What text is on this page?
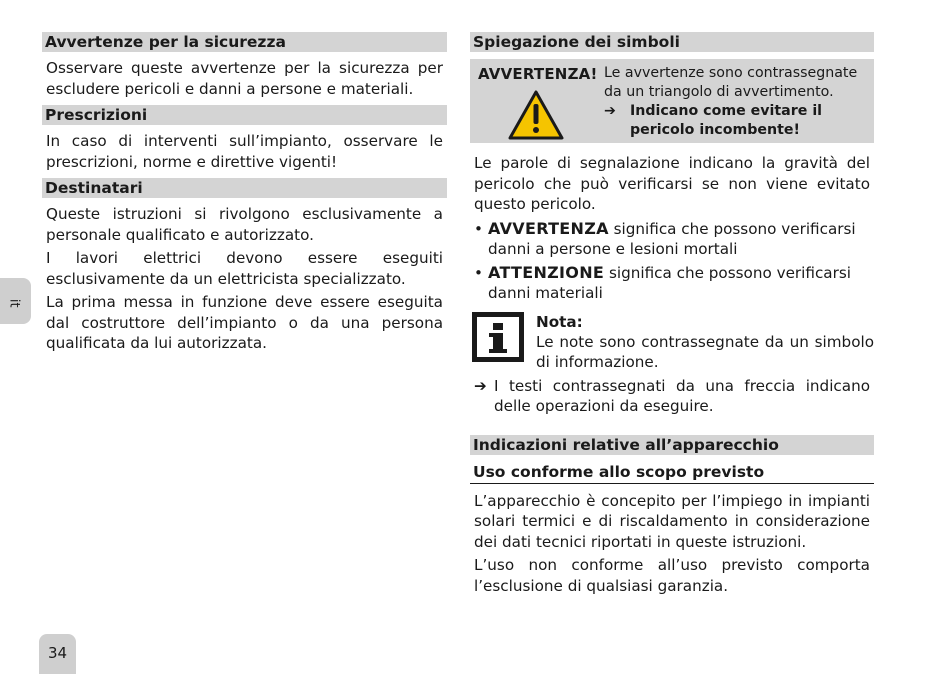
it
Avvertenze per la sicurezza

Osservare queste avvertenze per la sicurezza per escludere pericoli e danni a persone e materiali.

Prescrizioni

In caso di interventi sull’impianto, osservare le prescrizioni, norme e direttive vigenti!

Destinatari

Queste istruzioni si rivolgono esclusivamente a personale qualificato e autorizzato.

I lavori elettrici devono essere eseguiti esclusivamente da un elettricista specializzato.

La prima messa in funzione deve essere eseguita dal costruttore dell’impianto o da una persona qualificata da lui autorizzata.

Spiegazione dei simboli
AVVERTENZA! Le avvertenze sono contrassegnate da un triangolo di avvertimento.
➔ Indicano come evitare il pericolo incombente!

Le parole di segnalazione indicano la gravità del pericolo che può verificarsi se non viene evitato questo pericolo.

• AVVERTENZA significa che possono verificarsi danni a persone e lesioni mortali
• ATTENZIONE significa che possono verificarsi danni materiali
Nota:
Le note sono contrassegnate da un simbolo di informazione.
➔ I testi contrassegnati da una freccia indicano delle operazioni da eseguire.
Indicazioni relative all’apparecchio
Uso conforme allo scopo previsto

L’apparecchio è concepito per l’impiego in impianti solari termici e di riscaldamento in considerazione dei dati tecnici riportati in queste istruzioni.

L’uso non conforme all’uso previsto comporta l’esclusione di qualsiasi garanzia.

34
